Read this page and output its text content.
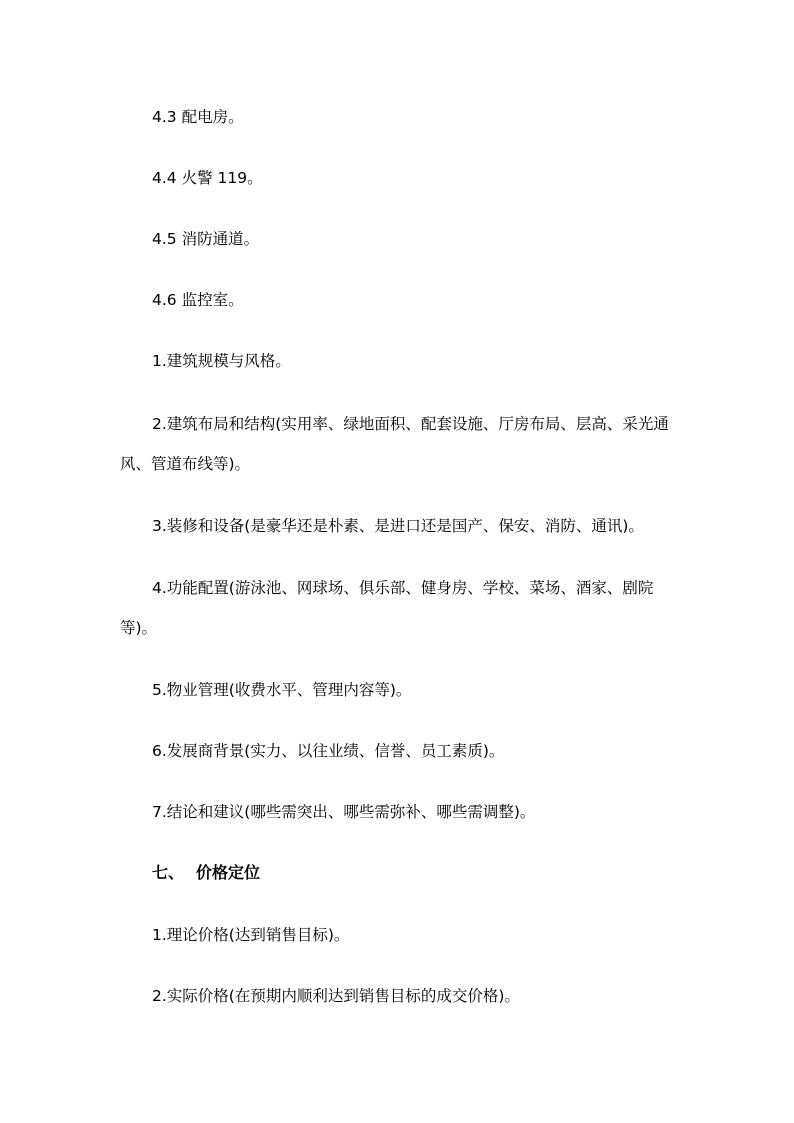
4.3 配电房。

4.4 火警 119。

4.5 消防通道。

4.6 监控室。

1.建筑规模与风格。

2.建筑布局和结构(实用率、绿地面积、配套设施、厅房布局、层高、采光通风、管道布线等)。

3.装修和设备(是豪华还是朴素、是进口还是国产、保安、消防、通讯)。

4.功能配置(游泳池、网球场、俱乐部、健身房、学校、菜场、酒家、剧院等)。

5.物业管理(收费水平、管理内容等)。

6.发展商背景(实力、以往业绩、信誉、员工素质)。

7.结论和建议(哪些需突出、哪些需弥补、哪些需调整)。

七、 价格定位

1.理论价格(达到销售目标)。

2.实际价格(在预期内顺利达到销售目标的成交价格)。
